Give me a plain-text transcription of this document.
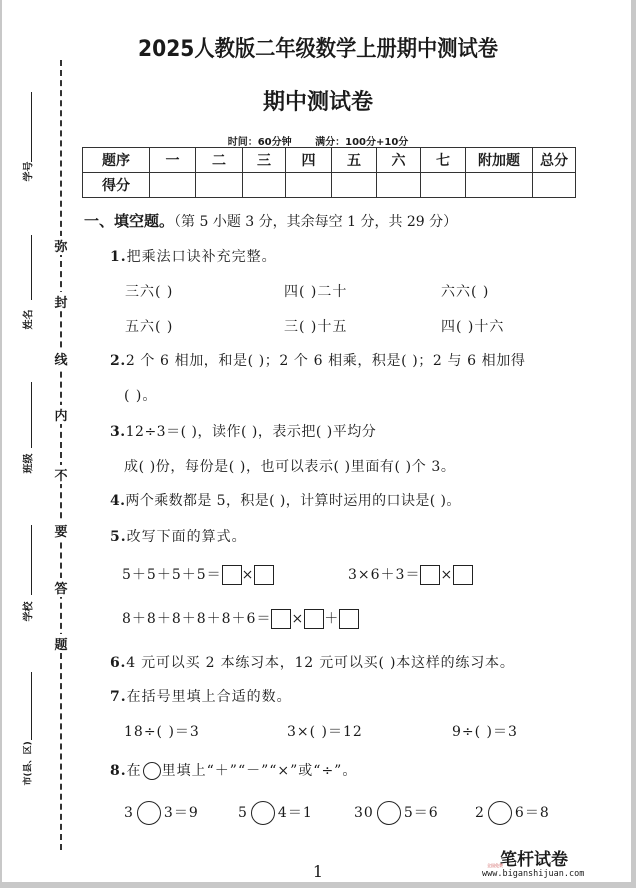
2025人教版二年级数学上册期中测试卷
期中测试卷
时间：60分钟 满分：100分+10分
题序	一	二	三	四	五	六	七	附加题	总分
得分									
弥
封
线
内
不
要
答
题
学号
姓名
班级
学校
市(县、区)
一、填空题。（第 5 小题 3 分，其余每空 1 分，共 29 分）
1.把乘法口诀补充完整。
三六( )	四( )二十	六六( )
五六( )	三( )十五	四( )十六
2.2 个 6 相加，和是( )；2 个 6 相乘，积是( )；2 与 6 相加得
( )。
3.12÷3＝( )，读作( )，表示把( )平均分
成( )份，每份是( )，也可以表示( )里面有( )个 3。
4.两个乘数都是 5，积是( )，计算时运用的口诀是( )。
5.改写下面的算式。
5＋5＋5＋5＝ ×	3×6＋3＝ ×
8＋8＋8＋8＋8＋6＝ × ＋
6.4 元可以买 2 本练习本，12 元可以买( )本这样的练习本。
7.在括号里填上合适的数。
18÷( )＝3	3×( )＝12	9÷( )＝3
8.在 里填上“＋”“－”“×”或“÷”。
3 3＝9	5 4＝1	30 5＝6	2 6＝8
1	全国免费
笔杆试卷
www.biganshijuan.com
